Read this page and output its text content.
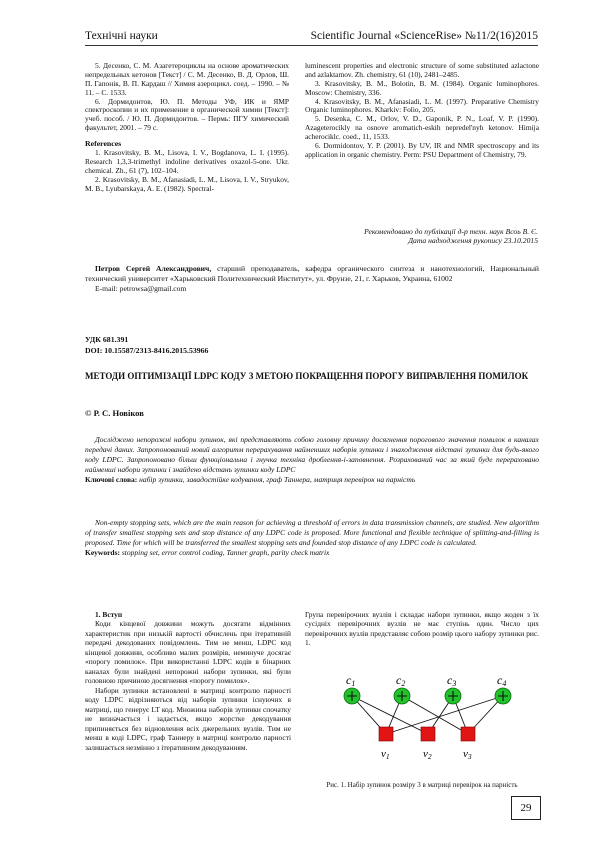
Технічні науки	Scientific Journal «ScienceRise» №11/2(16)2015

5. Десенко, С. М. Азагетероциклы на основе ароматических непредельных кетонов [Текст] / С. М. Десенко, В. Д. Орлов, Ш. П. Гапонік, В. П. Кардаш // Химия азероцикл. соед. – 1990. – № 11. – С. 1533.

6. Дормидонтов, Ю. П. Методы УФ, ИК и ЯМР спектроскопии и их применение в органической химии [Текст]: учеб. пособ. / Ю. П. Дормидонтов. – Пермь: ПГУ химический факультет, 2001. – 79 с.

References

1. Krasovitsky, B. M., Lisova, I. V., Bogdanova, L. I. (1995). Research 1,3,3-trimethyl indoline derivatives oxazol-5-one. Ukr. chemical. Zh., 61 (7), 102–104.

2. Krasovitsky, B. M., Afanasiadi, L. M., Lisova, I. V., Stryukov, M. B., Lyubarskaya, A. E. (1982). Spectral-

luminescent properties and electronic structure of some substituted azlactone and azlaktamov. Zh. chemistry, 61 (10), 2481–2485.

3. Krasovitsky, B. M., Bolotin, B. M. (1984). Organic luminophores. Moscow: Chemistry, 336.

4. Krasovitsky, B. M., Afanasiadi, L. M. (1997). Preparative Chemistry Organic luminophores. Kharkiv: Folio, 205.

5. Desenka, C. M., Orlov, V. D., Gaponik, P. N., Loaf, V. P. (1990). Azageterociklу na osnove aromatich-eskih nepredel'nуh ketonov. Himija acherociklc. coed., 11, 1533.

6. Dormidontov, Y. P. (2001). By UV, IR and NMR spectroscopy and its application in organic chemistry. Perm: PSU Department of Chemistry, 79.

Рекомендовано до публікації д-р техн. наук Всоь В. Є.
Дата надходження рукопису 23.10.2015

Петров Сергей Александрович, старший преподаватель, кафедра органического синтеза и нанотехнологий, Национальный технический университет «Харьковский Политехнический Институт», ул. Фрунзе, 21, г. Харьков, Украина, 61002

E-mail: petrowsa@gmail.com

УДК 681.391
DOI: 10.15587/2313-8416.2015.53966
МЕТОДИ ОПТИМІЗАЦІЇ LDPC КОДУ З МЕТОЮ ПОКРАЩЕННЯ ПОРОГУ ВИПРАВЛЕННЯ ПОМИЛОК
© Р. С. Новіков

Досліджено непорожні набори зупинок, які представляють собою головну причину досягнення порогового значення помилок в каналах передачі даних. Запропонований новий алгоритм перерахування найменших наборів зупинки і знаходження відстані зупинки для будь-якого коду LDPC. Запропоновано більш функціональна і гнучка техніка дроблення-і-заповнення. Розрахований час за який буде перераховано найменші набори зупинки і знайдено відстань зупинки коду LDPC

Ключові слова: набір зупинки, завадостійке кодування, граф Таннера, матриця перевірок на парність

Non-empty stopping sets, which are the main reason for achieving a threshold of errors in data transmission channels, are studied. New algorithm of transfer smallest stopping sets and stop distance of any LDPC code is proposed. More functional and flexible technique of splitting-and-filling is proposed. Time for which will be transferred the smallest stopping sets and founded stop distance of any LDPC code is calculated.

Keywords: stopping set, error control coding, Tanner graph, parity check matrix

1. Вступ

Коди кінцевої довжини можуть досягати відмінних характеристик при низькій вартості обчислень при ітеративній передачі декодованих повідомлень. Тим не менш, LDPC код кінцевої довжини, особливо малих розмірів, неминуче досягає «порогу помилок». При використанні LDPC кодів в бінарних каналах були знайдені непорожні набори зупинки, які були головною причиною досягнення «порогу помилок».

Набори зупинки встановлені в матриці контролю парності коду LDPC відрізняються від наборів зупинки існуючих в матриці, що генерує LT код. Множина наборів зупинки спочатку не визначається і задається, якщо жорстке декодування припиняється без відновлення всіх джерельних вузлів. Тим не менш в коді LDPC, граф Таннеру в матриці контролю парності залишається незмінно з ітеративним декодуванням.

Група перевірочних вузлів і складає набори зупинки, якщо жоден з їх сусідніх перевірочних вузлів не має ступінь один. Число цих перевірочних вузлів представляє собою розмір цього набору зупинки рис. 1.

c1	c2	c3	c4
v1	v2	v3
Рис. 1. Набір зупинок розміру 3 в матриці перевірок на парність
29
